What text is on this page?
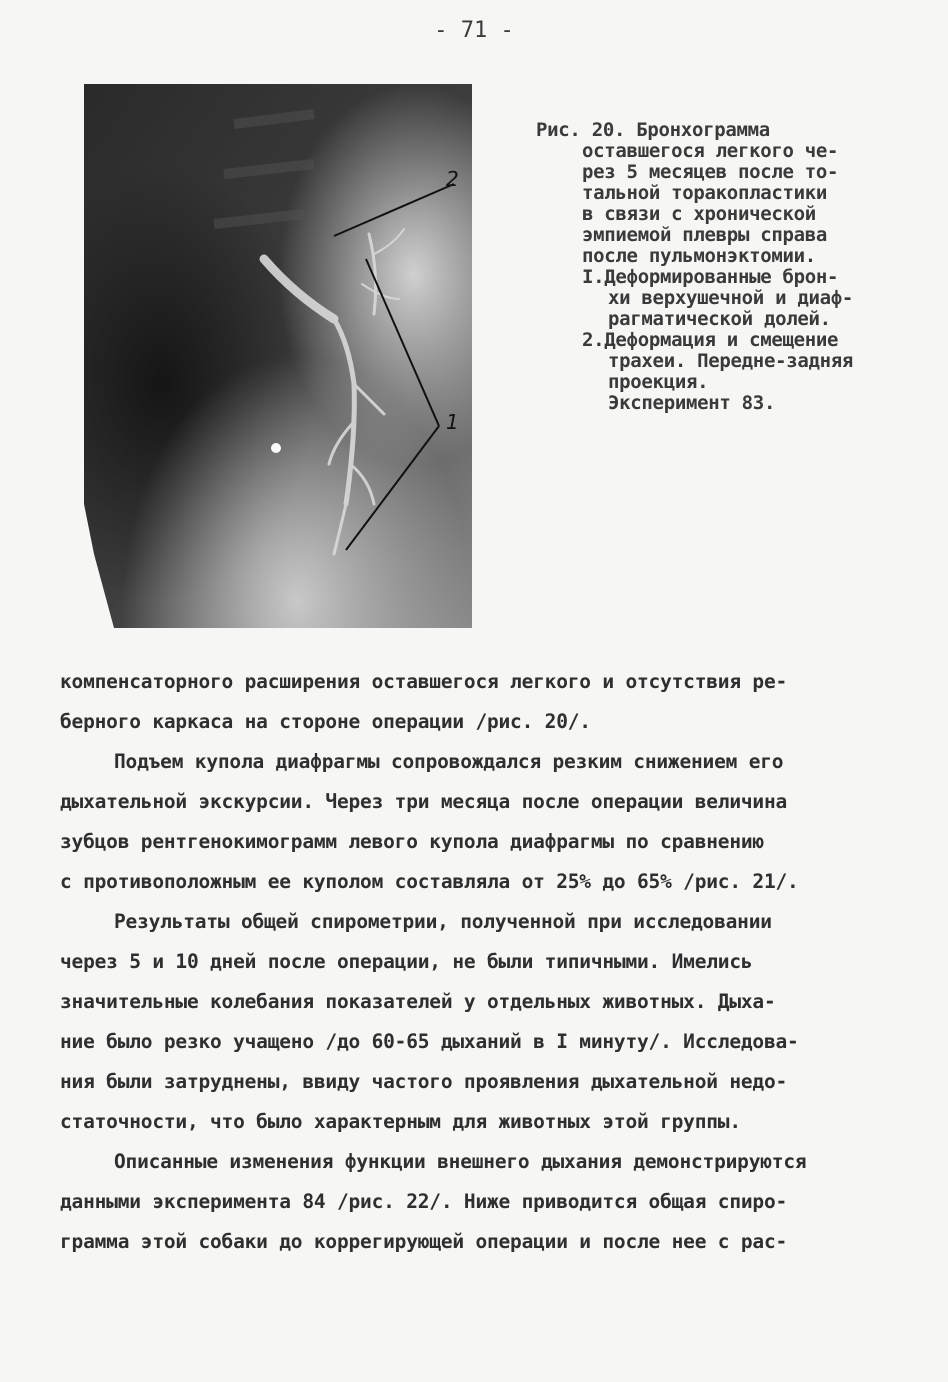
- 71 -
2
1
Рис. 20. Бронхограмма
оставшегося легкого че-
рез 5 месяцев после то-
тальной торакопластики
в связи с хронической
эмпиемой плевры справа
после пульмонэктомии.
I.Деформированные брон-
хи верхушечной и диаф-
рагматической долей.
2.Деформация и смещение
трахеи. Передне-задняя
проекция.
Эксперимент 83.
компенсаторного расширения оставшегося легкого и отсутствия ре-
берного каркаса на стороне операции /рис. 20/.
Подъем купола диафрагмы сопровождался резким снижением его
дыхательной экскурсии. Через три месяца после операции величина
зубцов рентгенокимограмм левого купола диафрагмы по сравнению
с противоположным ее куполом составляла от 25% до 65% /рис. 21/.
Результаты общей спирометрии, полученной при исследовании
через 5 и 10 дней после операции, не были типичными. Имелись
значительные колебания показателей у отдельных животных. Дыха-
ние было резко учащено /до 60-65 дыханий в I минуту/. Исследова-
ния были затруднены, ввиду частого проявления дыхательной недо-
статочности, что было характерным для животных этой группы.
Описанные изменения функции внешнего дыхания демонстрируются
данными эксперимента 84 /рис. 22/. Ниже приводится общая спиро-
грамма этой собаки до коррегирующей операции и после нее с рас-
